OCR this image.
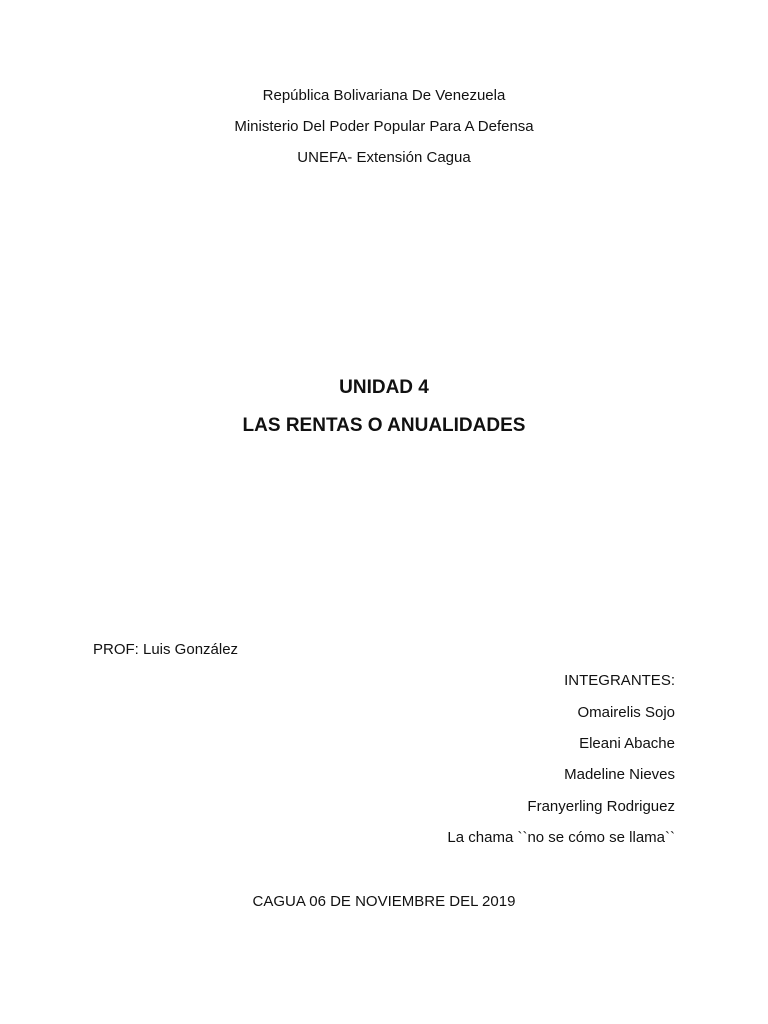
República Bolivariana De Venezuela
Ministerio Del Poder Popular Para A Defensa
UNEFA- Extensión Cagua
UNIDAD 4
LAS RENTAS O ANUALIDADES
PROF: Luis González
INTEGRANTES:
Omairelis Sojo
Eleani Abache
Madeline Nieves
Franyerling Rodriguez
La chama ``no se cómo se llama``
CAGUA 06 DE NOVIEMBRE DEL 2019
